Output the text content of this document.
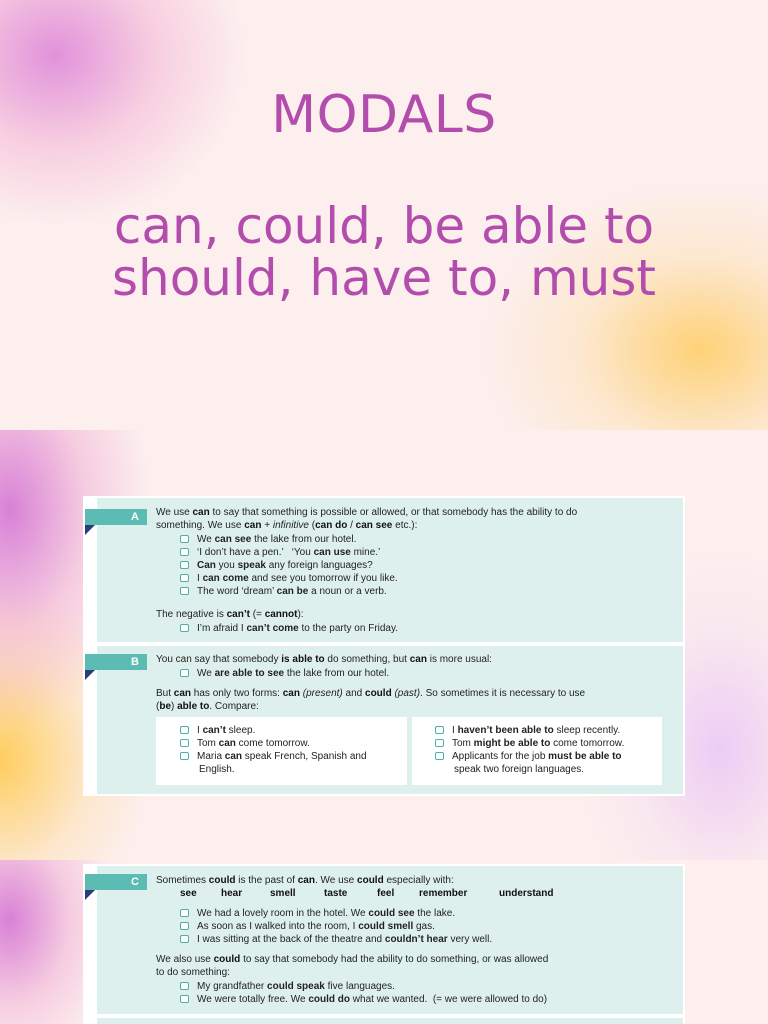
MODALS
can, could, be able to
should, have to, must
A	We use can to say that something is possible or allowed, or that somebody has the ability to do
something. We use can + infinitive (can do / can see etc.):
We can see the lake from our hotel.
‘I don’t have a pen.’   ‘You can use mine.’
Can you speak any foreign languages?
I can come and see you tomorrow if you like.
The word ‘dream’ can be a noun or a verb.
The negative is can’t (= cannot):
I’m afraid I can’t come to the party on Friday.
B	You can say that somebody is able to do something, but can is more usual:
We are able to see the lake from our hotel.
But can has only two forms: can (present) and could (past). So sometimes it is necessary to use
(be) able to. Compare:
I can’t sleep.
Tom can come tomorrow.
Maria can speak French, Spanish and
English.
I haven’t been able to sleep recently.
Tom might be able to come tomorrow.
Applicants for the job must be able to
speak two foreign languages.
C	Sometimes could is the past of can. We use could especially with:
see hear	smell	taste	feel remember	understand
We had a lovely room in the hotel. We could see the lake.
As soon as I walked into the room, I could smell gas.
I was sitting at the back of the theatre and couldn’t hear very well.
We also use could to say that somebody had the ability to do something, or was allowed
to do something:
My grandfather could speak five languages.
We were totally free. We could do what we wanted.  (= we were allowed to do)
